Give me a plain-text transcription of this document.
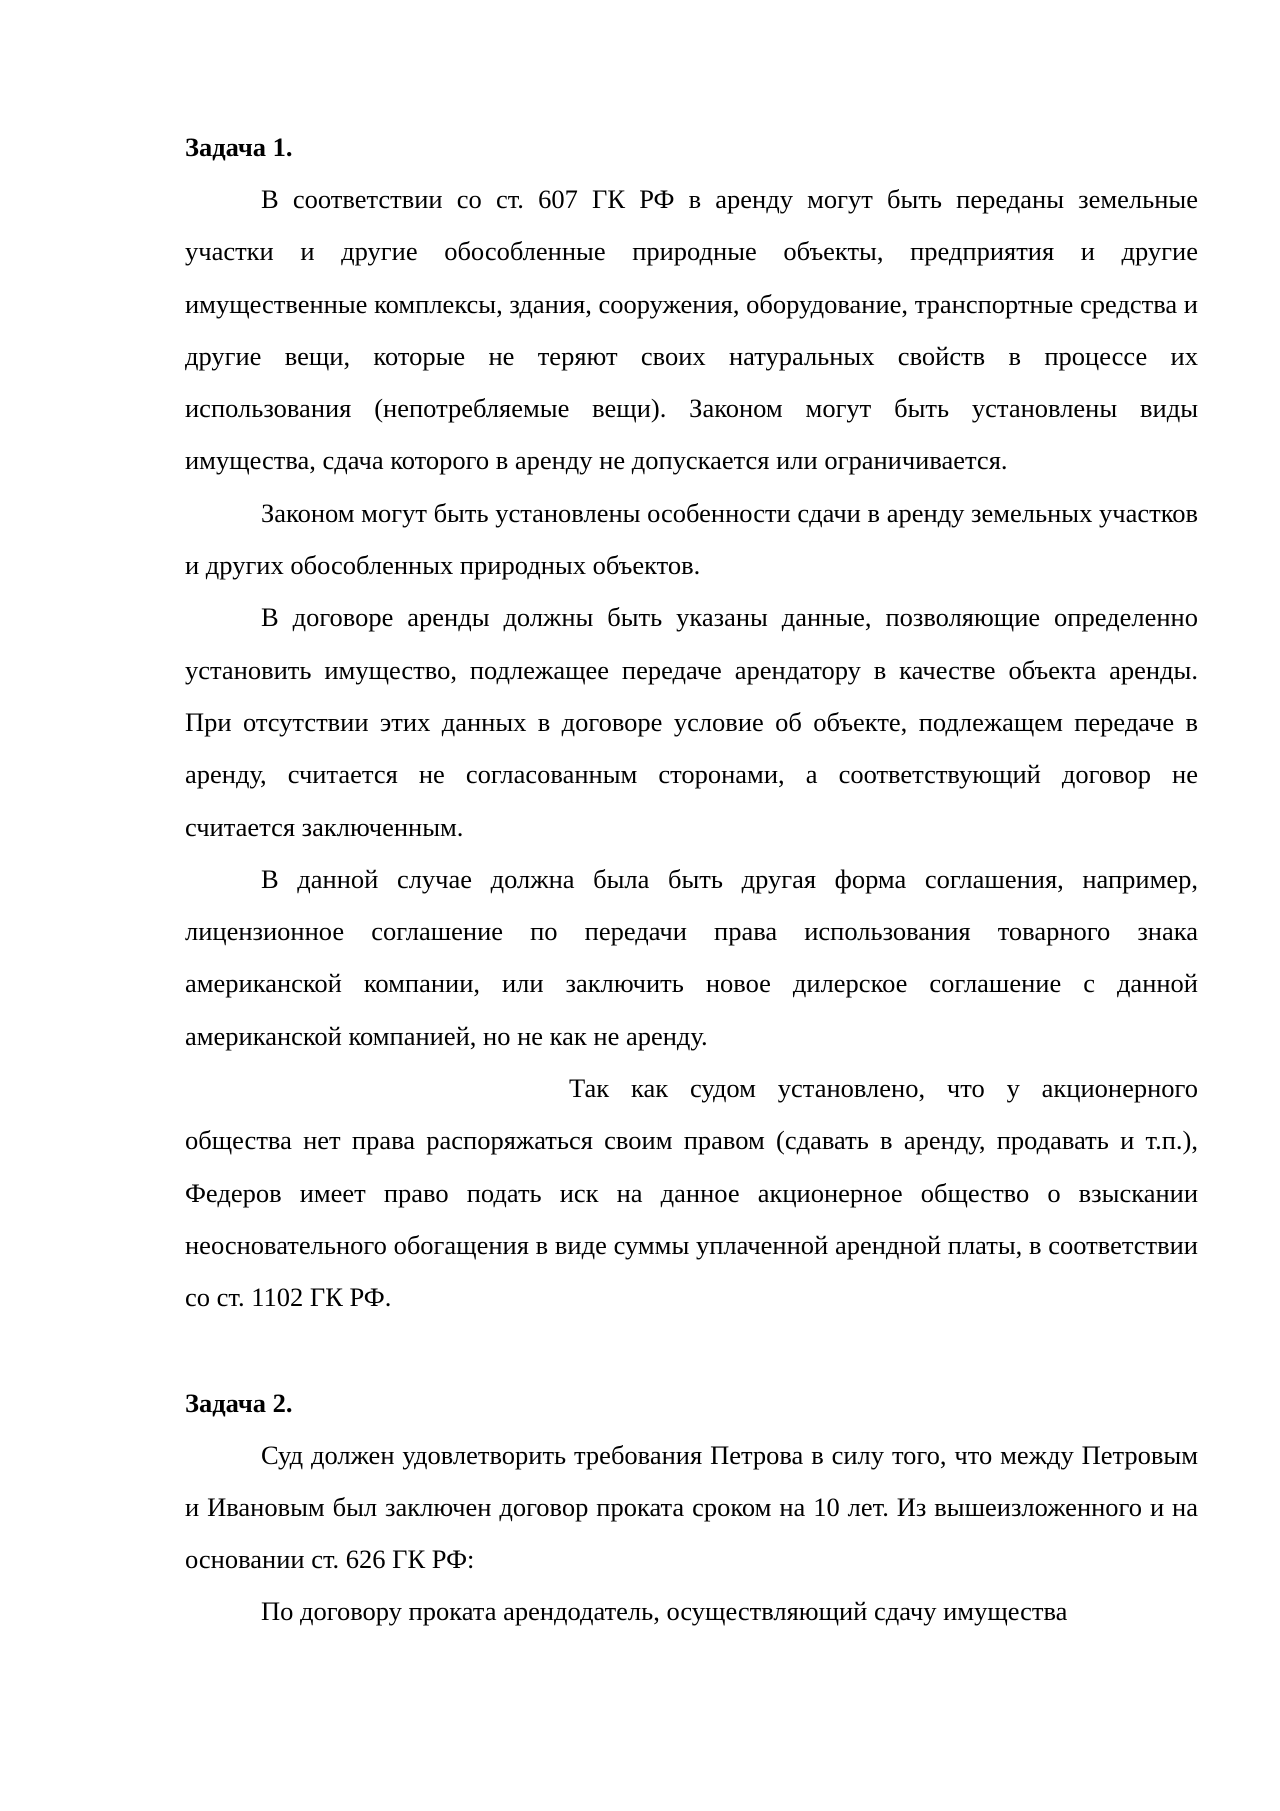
Задача 1.

В соответствии со ст. 607 ГК РФ в аренду могут быть переданы земельные участки и другие обособленные природные объекты, предприятия и другие имущественные комплексы, здания, сооружения, оборудование, транспортные средства и другие вещи, которые не теряют своих натуральных свойств в процессе их использования (непотребляемые вещи). Законом могут быть установлены виды имущества, сдача которого в аренду не допускается или ограничивается.

Законом могут быть установлены особенности сдачи в аренду земельных участков и других обособленных природных объектов.

В договоре аренды должны быть указаны данные, позволяющие определенно установить имущество, подлежащее передаче арендатору в качестве объекта аренды. При отсутствии этих данных в договоре условие об объекте, подлежащем передаче в аренду, считается не согласованным сторонами, а соответствующий договор не считается заключенным.

В данной случае должна была быть другая форма соглашения, например, лицензионное соглашение по передачи права использования товарного знака американской компании, или заключить новое дилерское соглашение с данной американской компанией, но не как не аренду.

Так как судом установлено, что у акционерного общества нет права распоряжаться своим правом (сдавать в аренду, продавать и т.п.), Федеров имеет право подать иск на данное акционерное общество о взыскании неосновательного обогащения в виде суммы уплаченной арендной платы, в соответствии со ст. 1102 ГК РФ.

Задача 2.

Суд должен удовлетворить требования Петрова в силу того, что между Петровым и Ивановым был заключен договор проката сроком на 10 лет. Из вышеизложенного и на основании ст. 626 ГК РФ:

По договору проката арендодатель, осуществляющий сдачу имущества
